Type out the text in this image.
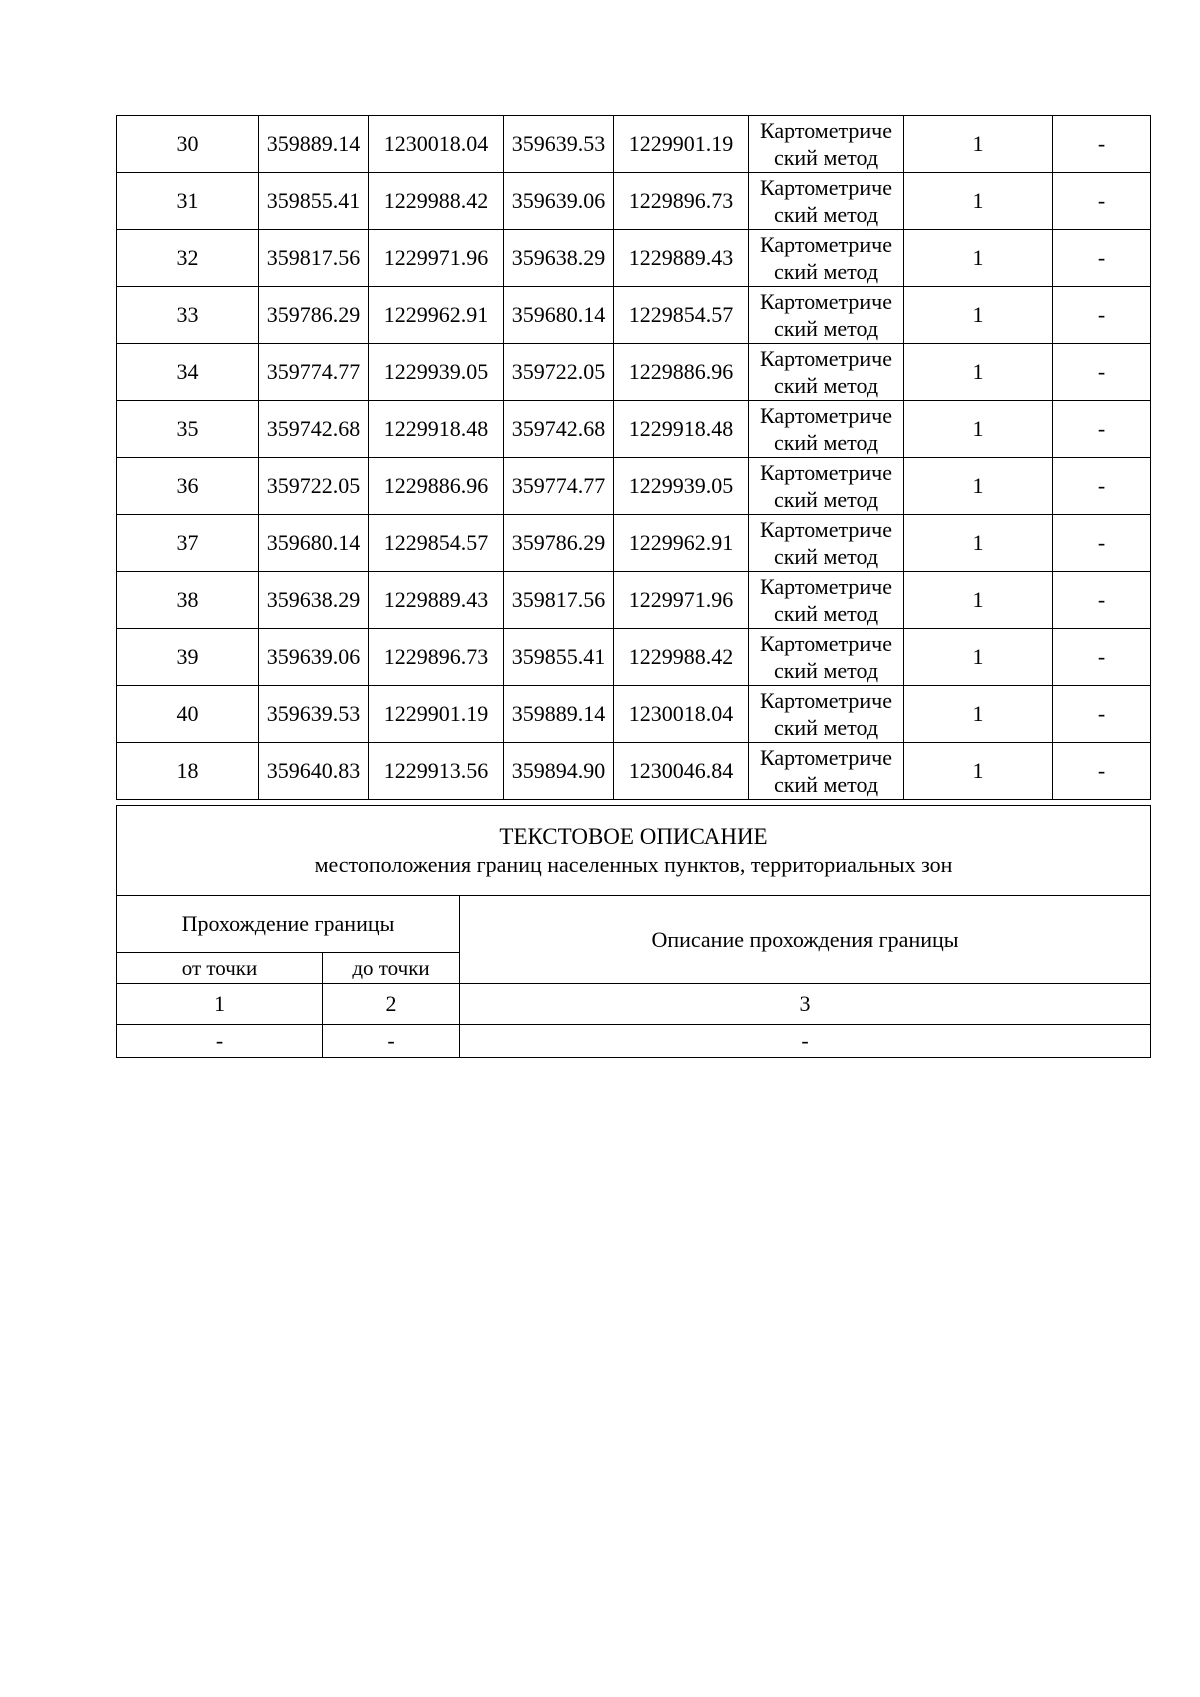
30	359889.14	1230018.04	359639.53	1229901.19	Картометриче
ский метод	1	-
31	359855.41	1229988.42	359639.06	1229896.73	Картометриче
ский метод	1	-
32	359817.56	1229971.96	359638.29	1229889.43	Картометриче
ский метод	1	-
33	359786.29	1229962.91	359680.14	1229854.57	Картометриче
ский метод	1	-
34	359774.77	1229939.05	359722.05	1229886.96	Картометриче
ский метод	1	-
35	359742.68	1229918.48	359742.68	1229918.48	Картометриче
ский метод	1	-
36	359722.05	1229886.96	359774.77	1229939.05	Картометриче
ский метод	1	-
37	359680.14	1229854.57	359786.29	1229962.91	Картометриче
ский метод	1	-
38	359638.29	1229889.43	359817.56	1229971.96	Картометриче
ский метод	1	-
39	359639.06	1229896.73	359855.41	1229988.42	Картометриче
ский метод	1	-
40	359639.53	1229901.19	359889.14	1230018.04	Картометриче
ский метод	1	-
18	359640.83	1229913.56	359894.90	1230046.84	Картометриче
ский метод	1	-
ТЕКСТОВОЕ ОПИСАНИЕ
местоположения границ населенных пунктов, территориальных зон		

Прохождение границы		Описание прохождения границы
от точки	до точки	
1	2	3
-	-	-
